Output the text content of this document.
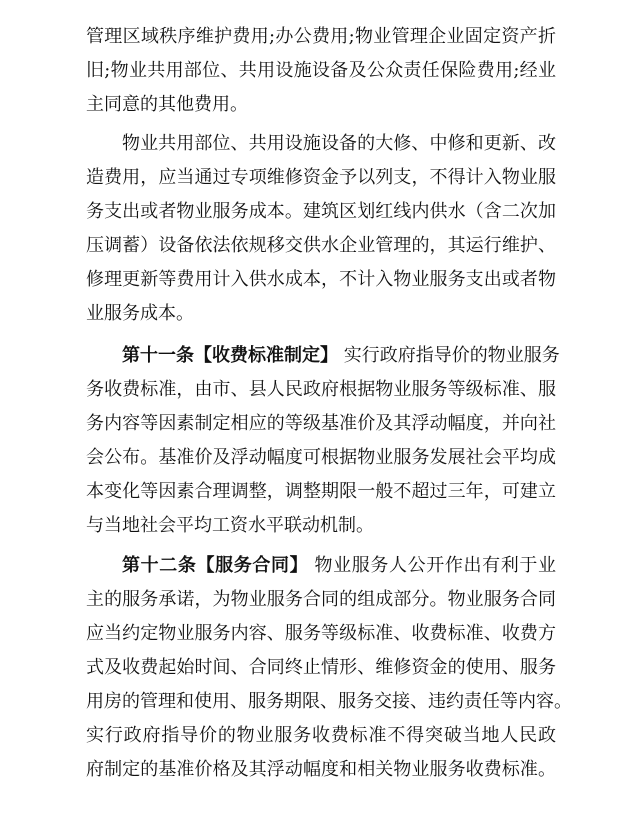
管理区域秩序维护费用;办公费用;物业管理企业固定资产折
旧;物业共用部位、共用设施设备及公众责任保险费用;经业
主同意的其他费用。
物业共用部位、共用设施设备的大修、中修和更新、改
造费用，应当通过专项维修资金予以列支，不得计入物业服
务支出或者物业服务成本。建筑区划红线内供水（含二次加
压调蓄）设备依法依规移交供水企业管理的，其运行维护、
修理更新等费用计入供水成本，不计入物业服务支出或者物
业服务成本。
第十一条【收费标准制定】 实行政府指导价的物业服务
务收费标准，由市、县人民政府根据物业服务等级标准、服
务内容等因素制定相应的等级基准价及其浮动幅度，并向社
会公布。基准价及浮动幅度可根据物业服务发展社会平均成
本变化等因素合理调整，调整期限一般不超过三年，可建立
与当地社会平均工资水平联动机制。
第十二条【服务合同】 物业服务人公开作出有利于业
主的服务承诺，为物业服务合同的组成部分。物业服务合同
应当约定物业服务内容、服务等级标准、收费标准、收费方
式及收费起始时间、合同终止情形、维修资金的使用、服务
用房的管理和使用、服务期限、服务交接、违约责任等内容。
实行政府指导价的物业服务收费标准不得突破当地人民政
府制定的基准价格及其浮动幅度和相关物业服务收费标准。
